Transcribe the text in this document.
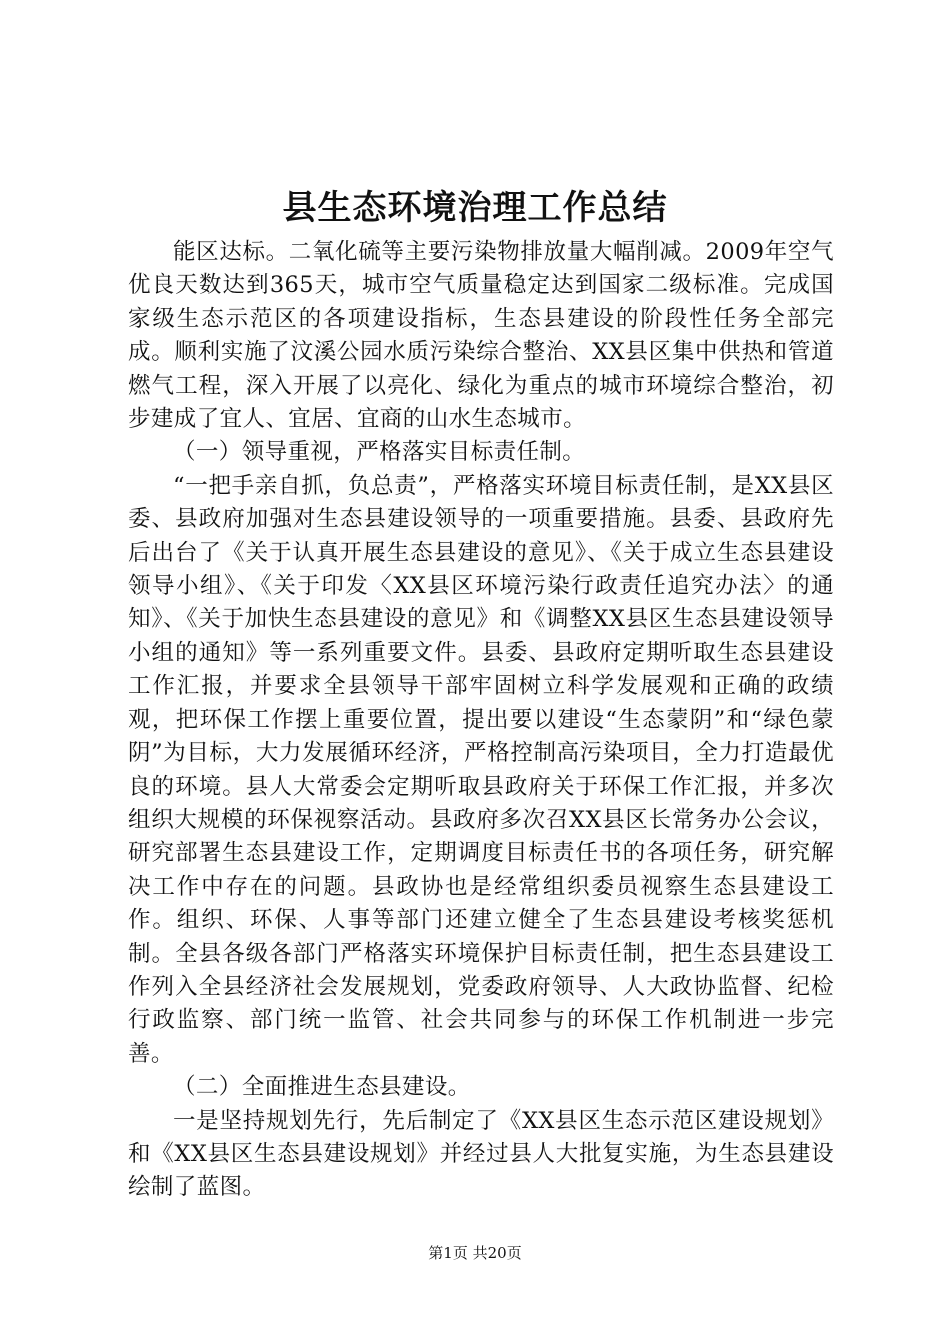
县生态环境治理工作总结

能区达标。二氧化硫等主要污染物排放量大幅削减。2009年空气优良天数达到365天，城市空气质量稳定达到国家二级标准。完成国家级生态示范区的各项建设指标，生态县建设的阶段性任务全部完成。顺利实施了汶溪公园水质污染综合整治、XX县区集中供热和管道燃气工程，深入开展了以亮化、绿化为重点的城市环境综合整治，初步建成了宜人、宜居、宜商的山水生态城市。

（一）领导重视，严格落实目标责任制。

“一把手亲自抓，负总责”，严格落实环境目标责任制，是XX县区委、县政府加强对生态县建设领导的一项重要措施。县委、县政府先后出台了《关于认真开展生态县建设的意见》、《关于成立生态县建设领导小组》、《关于印发〈XX县区环境污染行政责任追究办法〉的通知》、《关于加快生态县建设的意见》和《调整XX县区生态县建设领导小组的通知》等一系列重要文件。县委、县政府定期听取生态县建设工作汇报，并要求全县领导干部牢固树立科学发展观和正确的政绩观，把环保工作摆上重要位置，提出要以建设“生态蒙阴”和“绿色蒙阴”为目标，大力发展循环经济，严格控制高污染项目，全力打造最优良的环境。县人大常委会定期听取县政府关于环保工作汇报，并多次组织大规模的环保视察活动。县政府多次召XX县区长常务办公会议，研究部署生态县建设工作，定期调度目标责任书的各项任务，研究解决工作中存在的问题。县政协也是经常组织委员视察生态县建设工作。组织、环保、人事等部门还建立健全了生态县建设考核奖惩机制。全县各级各部门严格落实环境保护目标责任制，把生态县建设工作列入全县经济社会发展规划，党委政府领导、人大政协监督、纪检行政监察、部门统一监管、社会共同参与的环保工作机制进一步完善。

（二）全面推进生态县建设。

一是坚持规划先行，先后制定了《XX县区生态示范区建设规划》和《XX县区生态县建设规划》并经过县人大批复实施，为生态县建设绘制了蓝图。

第1页 共20页
